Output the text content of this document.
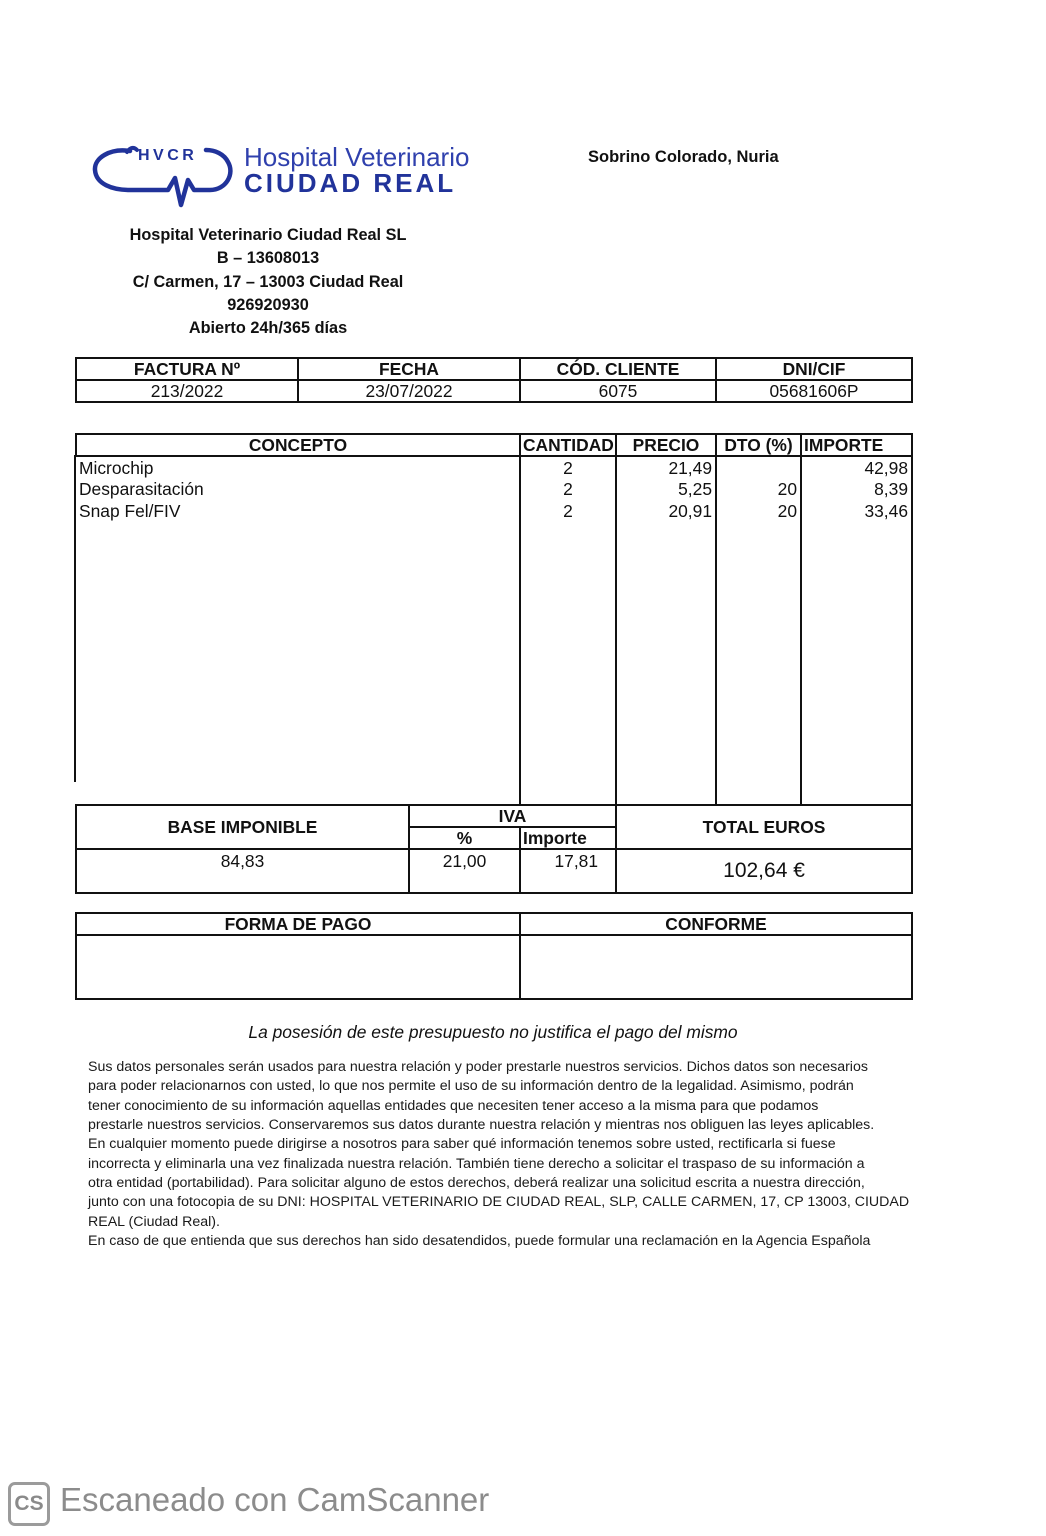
HVCR Hospital Veterinario
CIUDAD REAL
Sobrino Colorado, Nuria
Hospital Veterinario Ciudad Real SL
B – 13608013
C/ Carmen, 17 – 13003 Ciudad Real
926920930
Abierto 24h/365 días
FACTURA Nº	FECHA	CÓD. CLIENTE	DNI/CIF
213/2022	23/07/2022	6075	05681606P
CONCEPTO	CANTIDAD	PRECIO	DTO (%)	IMPORTE
Microchip	2	21,49		42,98
Desparasitación	2	5,25	20	8,39
Snap Fel/FIV	2	20,91	20	33,46

BASE IMPONIBLE	IVA		TOTAL EUROS
	%	Importe	
84,83	21,00	17,81	102,64 €
FORMA DE PAGO	CONFORME

La posesión de este presupuesto no justifica el pago del mismo
Sus datos personales serán usados para nuestra relación y poder prestarle nuestros servicios. Dichos datos son necesarios
para poder relacionarnos con usted, lo que nos permite el uso de su información dentro de la legalidad. Asimismo, podrán
tener conocimiento de su información aquellas entidades que necesiten tener acceso a la misma para que podamos
prestarle nuestros servicios. Conservaremos sus datos durante nuestra relación y mientras nos obliguen las leyes aplicables.
En cualquier momento puede dirigirse a nosotros para saber qué información tenemos sobre usted, rectificarla si fuese
incorrecta y eliminarla una vez finalizada nuestra relación. También tiene derecho a solicitar el traspaso de su información a
otra entidad (portabilidad). Para solicitar alguno de estos derechos, deberá realizar una solicitud escrita a nuestra dirección,
junto con una fotocopia de su DNI: HOSPITAL VETERINARIO DE CIUDAD REAL, SLP, CALLE CARMEN, 17, CP 13003, CIUDAD
REAL (Ciudad Real).
En caso de que entienda que sus derechos han sido desatendidos, puede formular una reclamación en la Agencia Española
CS Escaneado con CamScanner
